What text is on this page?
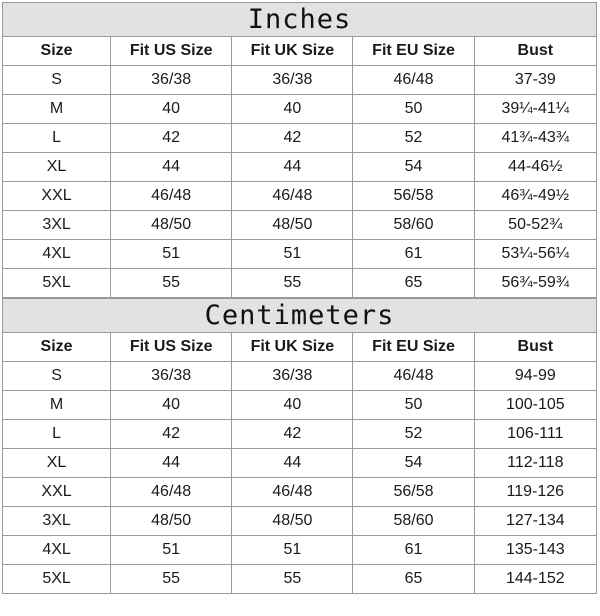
Inches
Size	Fit US Size	Fit UK Size	Fit EU Size	Bust
S	36/38	36/38	46/48	37-39
M	40	40	50	39¼-41¼
L	42	42	52	41¾-43¾
XL	44	44	54	44-46½
XXL	46/48	46/48	56/58	46¾-49½
3XL	48/50	48/50	58/60	50-52¾
4XL	51	51	61	53¼-56¼
5XL	55	55	65	56¾-59¾
Centimeters
Size	Fit US Size	Fit UK Size	Fit EU Size	Bust
S	36/38	36/38	46/48	94-99
M	40	40	50	100-105
L	42	42	52	106-111
XL	44	44	54	112-118
XXL	46/48	46/48	56/58	119-126
3XL	48/50	48/50	58/60	127-134
4XL	51	51	61	135-143
5XL	55	55	65	144-152
